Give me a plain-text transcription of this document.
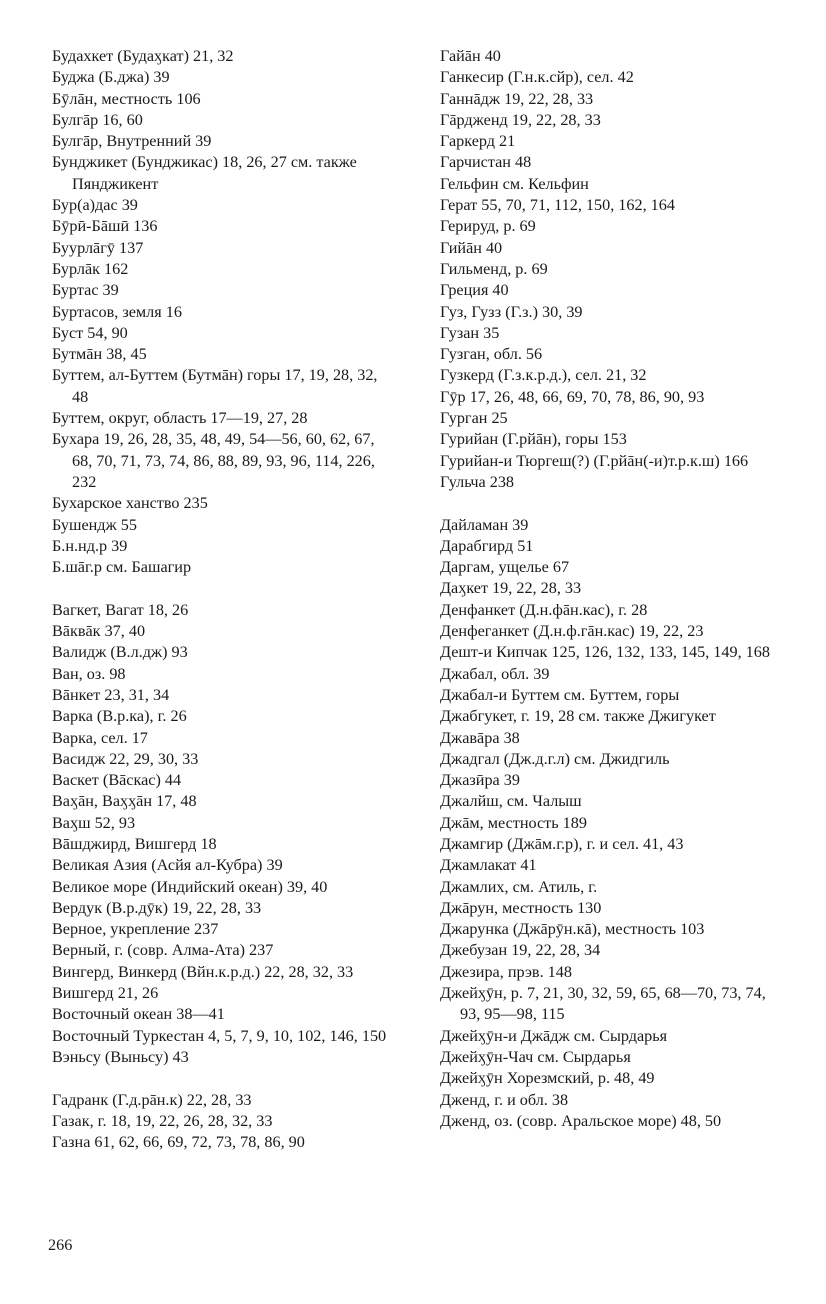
Будахкет (Будаӽкат) 21, 32
Буджа (Б.джа) 39
Бӯлāн, местность 106
Булгāр 16, 60
Булгāр, Внутренний 39
Бунджикет (Бунджикас) 18, 26, 27 см. также Пянджикент
Бур(а)дас 39
Бӯрӣ-Бāшӣ 136
Буурлāгӯ 137
Бурлāк 162
Буртас 39
Буртасов, земля 16
Буст 54, 90
Бутмāн 38, 45
Буттем, ал-Буттем (Бутмāн) горы 17, 19, 28, 32, 48
Буттем, округ, область 17—19, 27, 28
Бухара 19, 26, 28, 35, 48, 49, 54—56, 60, 62, 67, 68, 70, 71, 73, 74, 86, 88, 89, 93, 96, 114, 226, 232
Бухарское ханство 235
Бушендж 55
Б.н.нд.р 39
Б.шāг.р см. Башагир
Вагкет, Вагат 18, 26
Вāквāк 37, 40
Валидж (В.л.дж) 93
Ван, оз. 98
Вāнкет 23, 31, 34
Варка (В.р.ка), г. 26
Варка, сел. 17
Васидж 22, 29, 30, 33
Васкет (Вāскас) 44
Ваӽāн, Ваӽӽāн 17, 48
Ваӽш 52, 93
Вāшджирд, Вишгерд 18
Великая Азия (Асйя ал-Кубра) 39
Великое море (Индийский океан) 39, 40
Вердук (В.р.дӯк) 19, 22, 28, 33
Верное, укрепление 237
Верный, г. (совр. Алма-Ата) 237
Вингерд, Винкерд (Вйн.к.р.д.) 22, 28, 32, 33
Вишгерд 21, 26
Восточный океан 38—41
Восточный Туркестан 4, 5, 7, 9, 10, 102, 146, 150
Вэньсу (Выньсу) 43
Гадранк (Г.д.рāн.к) 22, 28, 33
Газак, г. 18, 19, 22, 26, 28, 32, 33
Газна 61, 62, 66, 69, 72, 73, 78, 86, 90
Гайāн 40
Ганкесир (Г.н.к.сйр), сел. 42
Ганнāдж 19, 22, 28, 33
Гāрдженд 19, 22, 28, 33
Гаркерд 21
Гарчистан 48
Гельфин см. Кельфин
Герат 55, 70, 71, 112, 150, 162, 164
Герируд, р. 69
Гийāн 40
Гильменд, р. 69
Греция 40
Гуз, Гузз (Г.з.) 30, 39
Гузан 35
Гузган, обл. 56
Гузкерд (Г.з.к.р.д.), сел. 21, 32
Гӯр 17, 26, 48, 66, 69, 70, 78, 86, 90, 93
Гурган 25
Гурийан (Г.рйāн), горы 153
Гурийан-и Тюргеш(?) (Г.рйāн(-и)т.р.к.ш) 166
Гульча 238
Дайламан 39
Дарабгирд 51
Даргам, ущелье 67
Даӽкет 19, 22, 28, 33
Денфанкет (Д.н.фāн.кас), г. 28
Денфеганкет (Д.н.ф.гāн.кас) 19, 22, 23
Дешт-и Кипчак 125, 126, 132, 133, 145, 149, 168
Джабал, обл. 39
Джабал-и Буттем см. Буттем, горы
Джабгукет, г. 19, 28 см. также Джигукет
Джавāра 38
Джадгал (Дж.д.г.л) см. Джидгиль
Джазӣра 39
Джалйш, см. Чалыш
Джāм, местность 189
Джамгир (Джāм.г.р), г. и сел. 41, 43
Джамлакат 41
Джамлих, см. Атиль, г.
Джāрун, местность 130
Джарунка (Джāрӯн.кā), местность 103
Джебузан 19, 22, 28, 34
Джезира, прэв. 148
Джейӽӯн, р. 7, 21, 30, 32, 59, 65, 68—70, 73, 74, 93, 95—98, 115
Джейӽӯн-и Джāдж см. Сырдарья
Джейӽӯн-Чач см. Сырдарья
Джейӽӯн Хорезмский, р. 48, 49
Дженд, г. и обл. 38
Дженд, оз. (совр. Аральское море) 48, 50
266
